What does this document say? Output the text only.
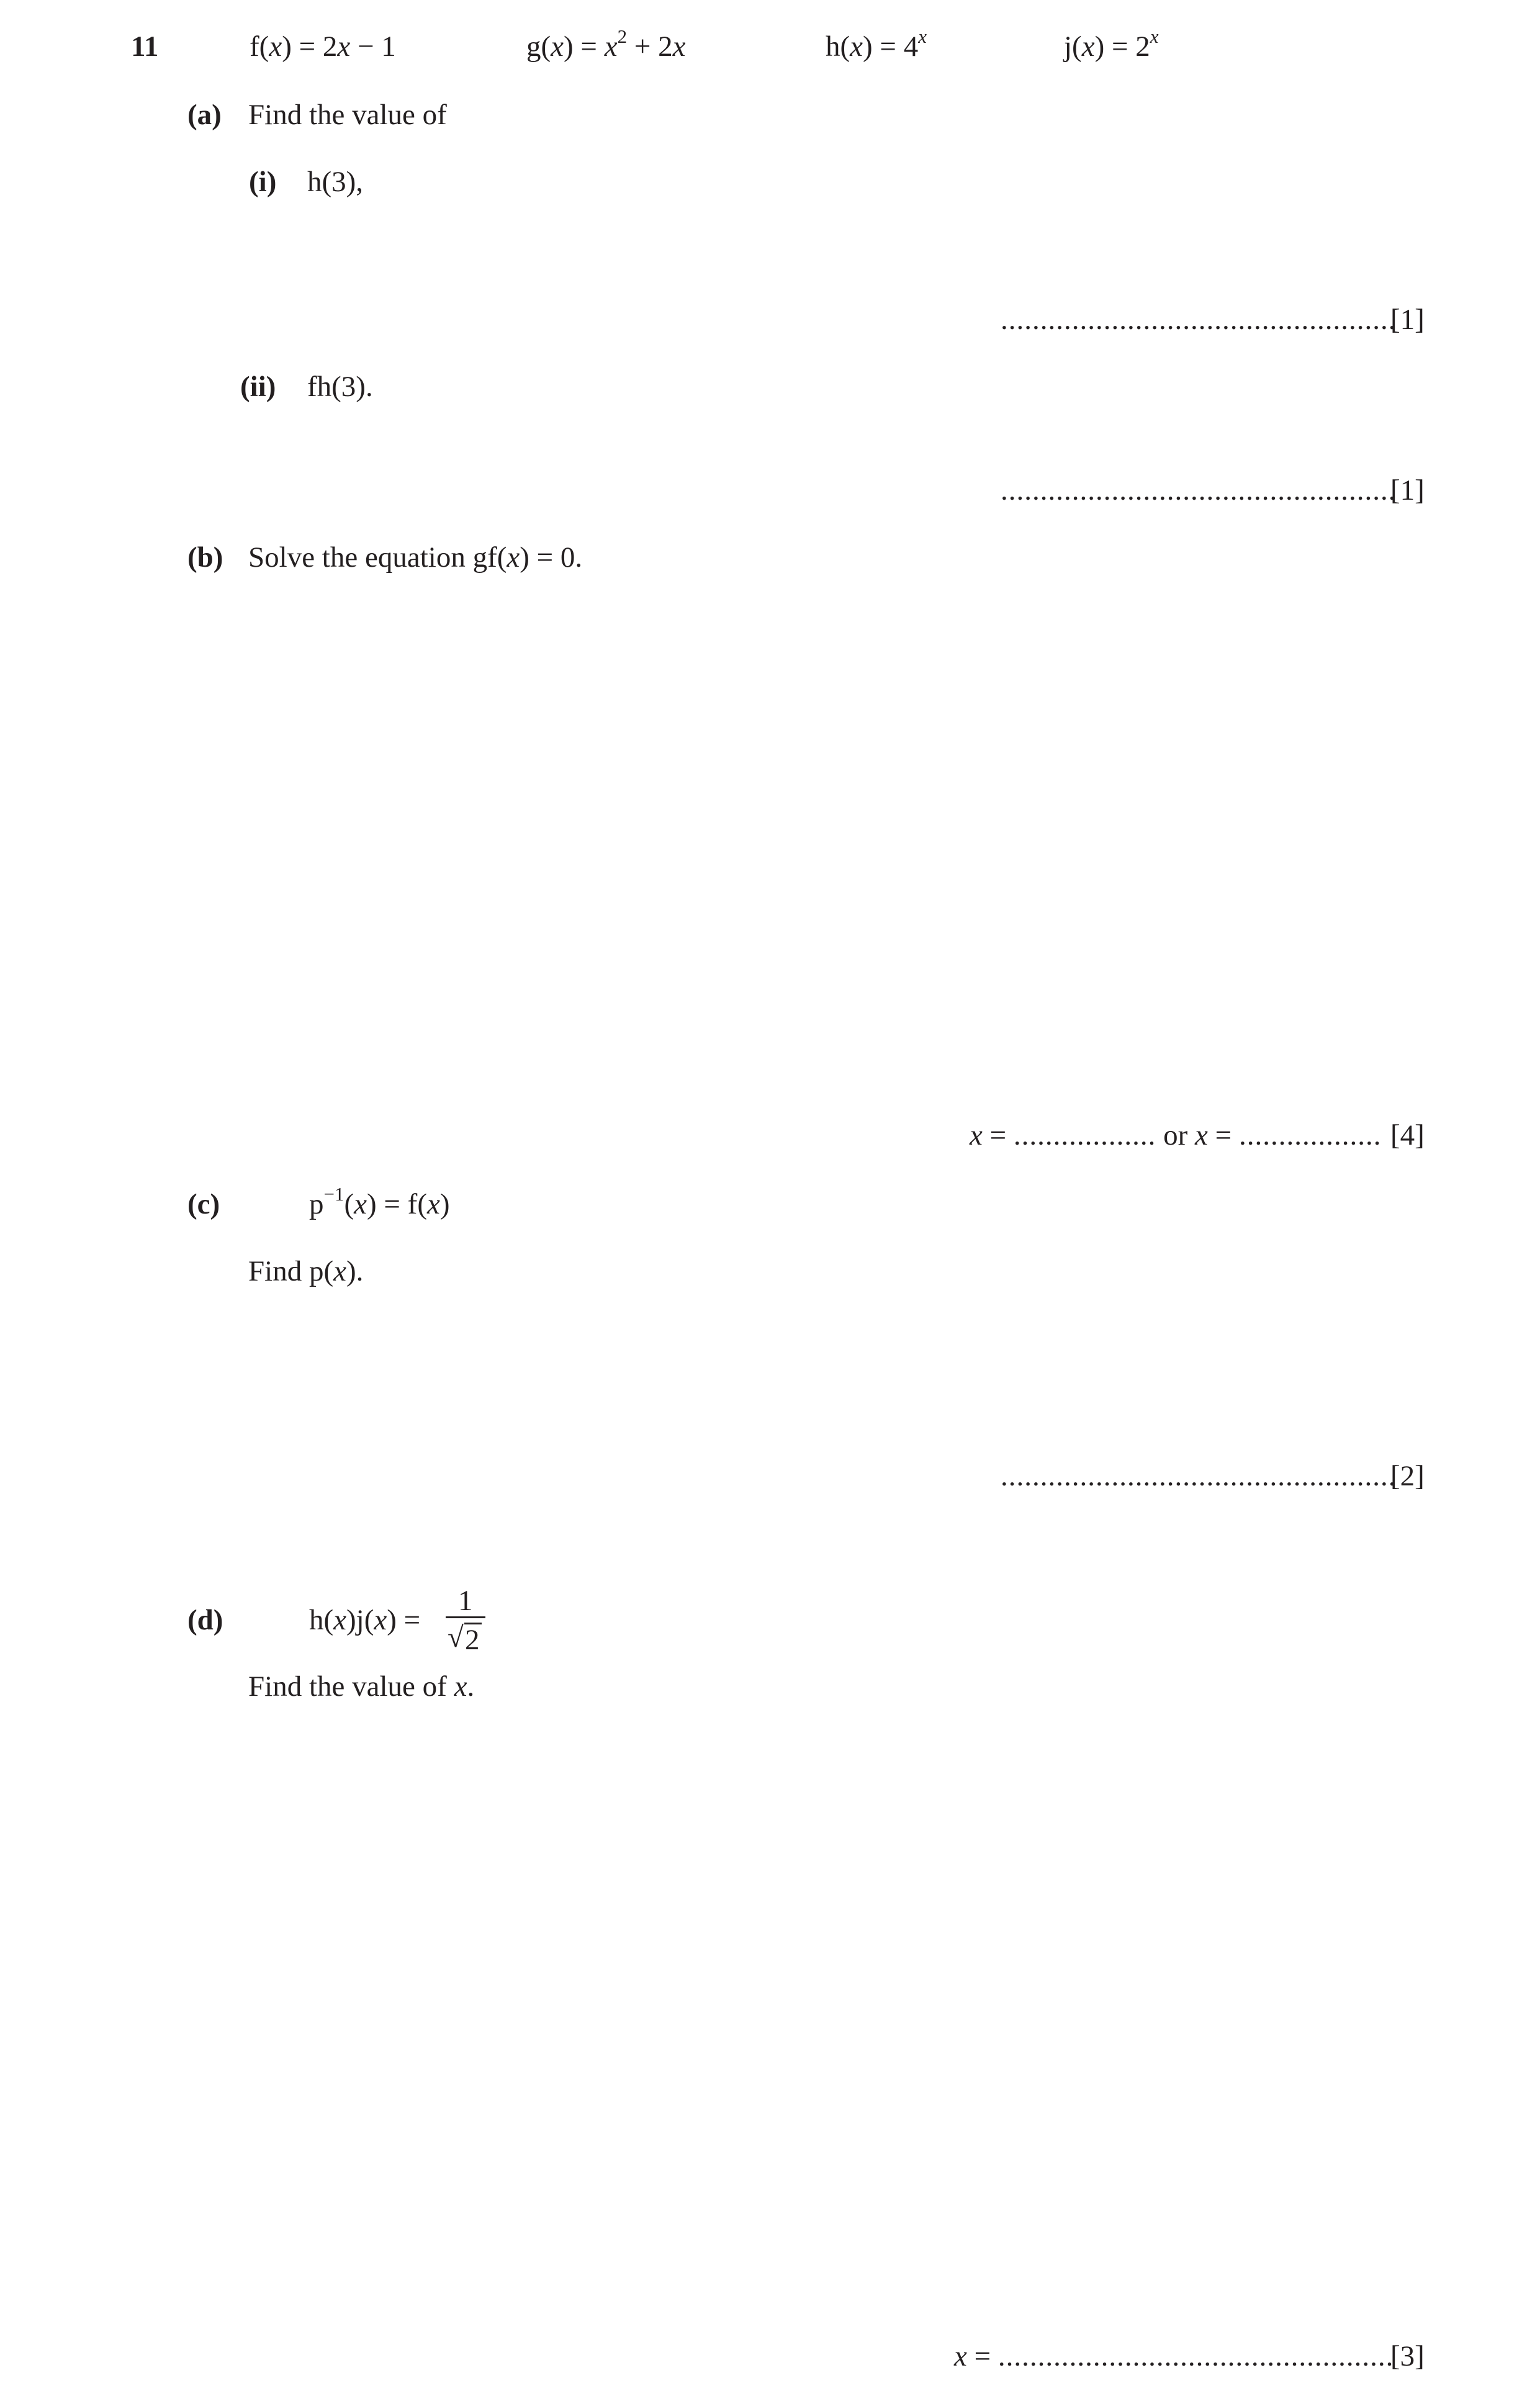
11	f(x) = 2x − 1	$g(x) = x^2 + 2x$	$h(x) = 4^x$	$j(x) = 2^x$
(a) Find the value of
(i) h(3),
..................................................
[1]
(ii) fh(3).
..................................................
[1]
(b) Solve the equation gf(x) = 0.
x = .................. or x = .................. [4]
(c)	$p^{-1}(x) = f(x)$
Find p(x).
..................................................
[2]
(d)	h(x)j(x) =
1
√ 2
Find the value of x.
x = ..................................................
[3]
